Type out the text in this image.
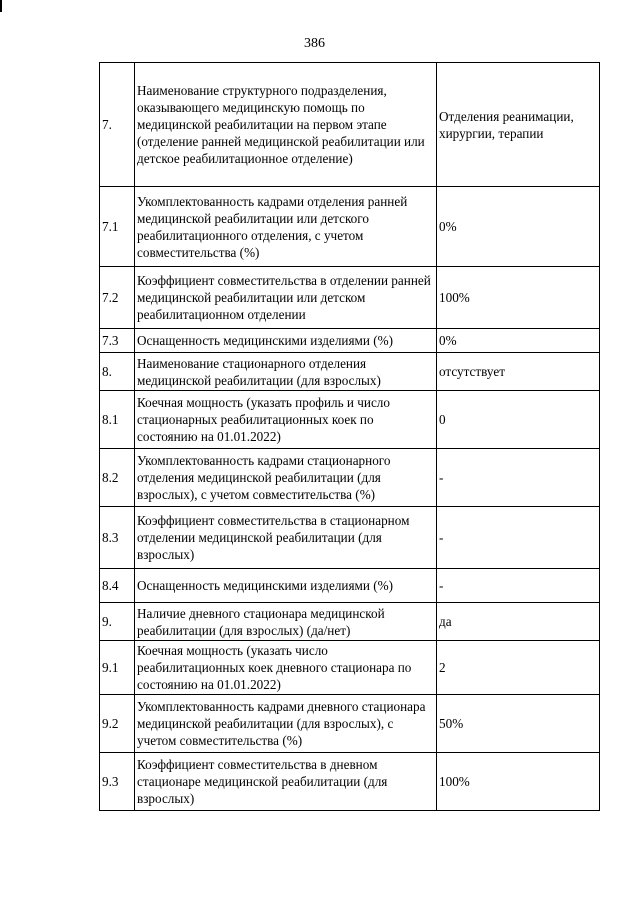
386
7.	Наименование структурного подразделения, оказывающего медицинскую помощь по медицинской реабилитации на первом этапе (отделение ранней медицинской реабилитации или детское реабилитационное отделение)	Отделения реанимации, хирургии, терапии
7.1	Укомплектованность кадрами отделения ранней медицинской реабилитации или детского реабилитационного отделения, с учетом совместительства (%)	0%
7.2	Коэффициент совместительства в отделении ранней медицинской реабилитации или детском реабилитационном отделении	100%
7.3	Оснащенность медицинскими изделиями (%)	0%
8.	Наименование стационарного отделения медицинской реабилитации (для взрослых)	отсутствует
8.1	Коечная мощность (указать профиль и число стационарных реабилитационных коек по состоянию на 01.01.2022)	0
8.2	Укомплектованность кадрами стационарного отделения медицинской реабилитации (для взрослых), с учетом совместительства (%)	-
8.3	Коэффициент совместительства в стационарном отделении медицинской реабилитации (для взрослых)	-
8.4	Оснащенность медицинскими изделиями (%)	-
9.	Наличие дневного стационара медицинской реабилитации (для взрослых) (да/нет)	да
9.1	Коечная мощность (указать число реабилитационных коек дневного стационара по состоянию на 01.01.2022)	2
9.2	Укомплектованность кадрами дневного стационара медицинской реабилитации (для взрослых), с учетом совместительства (%)	50%
9.3	Коэффициент совместительства в дневном стационаре медицинской реабилитации (для взрослых)	100%
